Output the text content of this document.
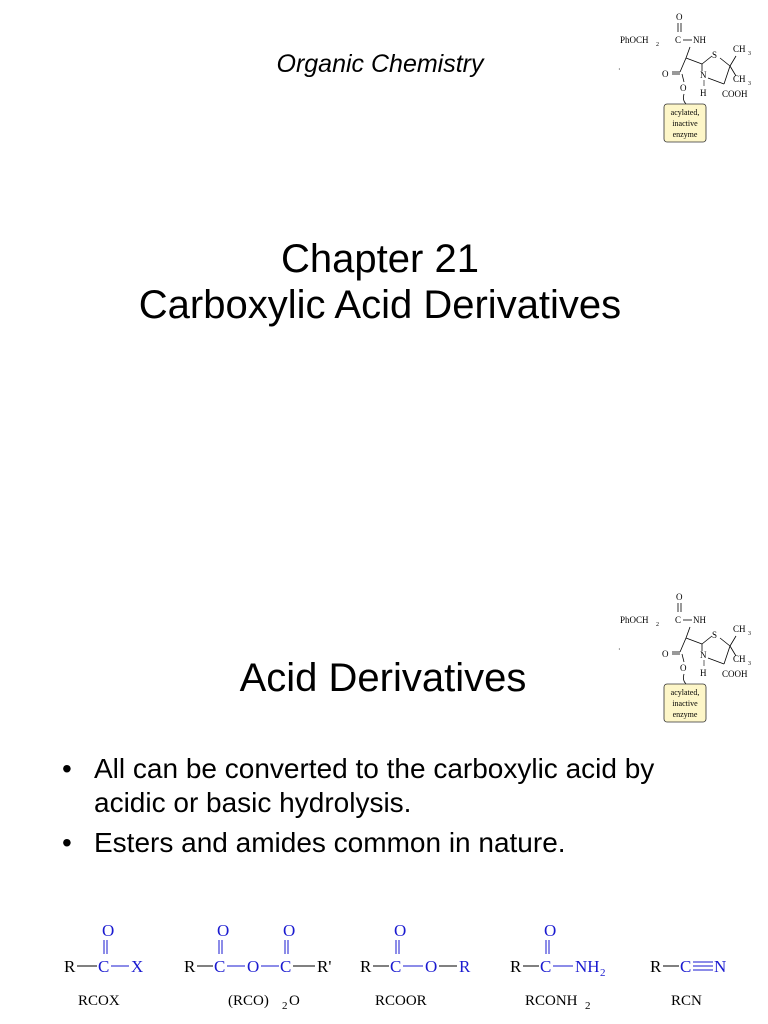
Organic Chemistry
O
PhOCH 2 C NH
S
CH 3
CH 3
COOH
N
H
O
O
·
acylated,
inactive
enzyme
Chapter 21
Carboxylic Acid Derivatives
O
PhOCH 2 C NH
S
CH 3
CH 3
COOH
N
H
O
O
·
acylated,
inactive
enzyme
Acid Derivatives
• All can be converted to the carboxylic acid by acidic or basic hydrolysis.
• Esters and amides common in nature.
O
R C X
RCOX
O	O
R C O C R'
(RCO) 2 O
O
R C O R
RCOOR
O
R C NH 2
RCONH 2
R C N
RCN
